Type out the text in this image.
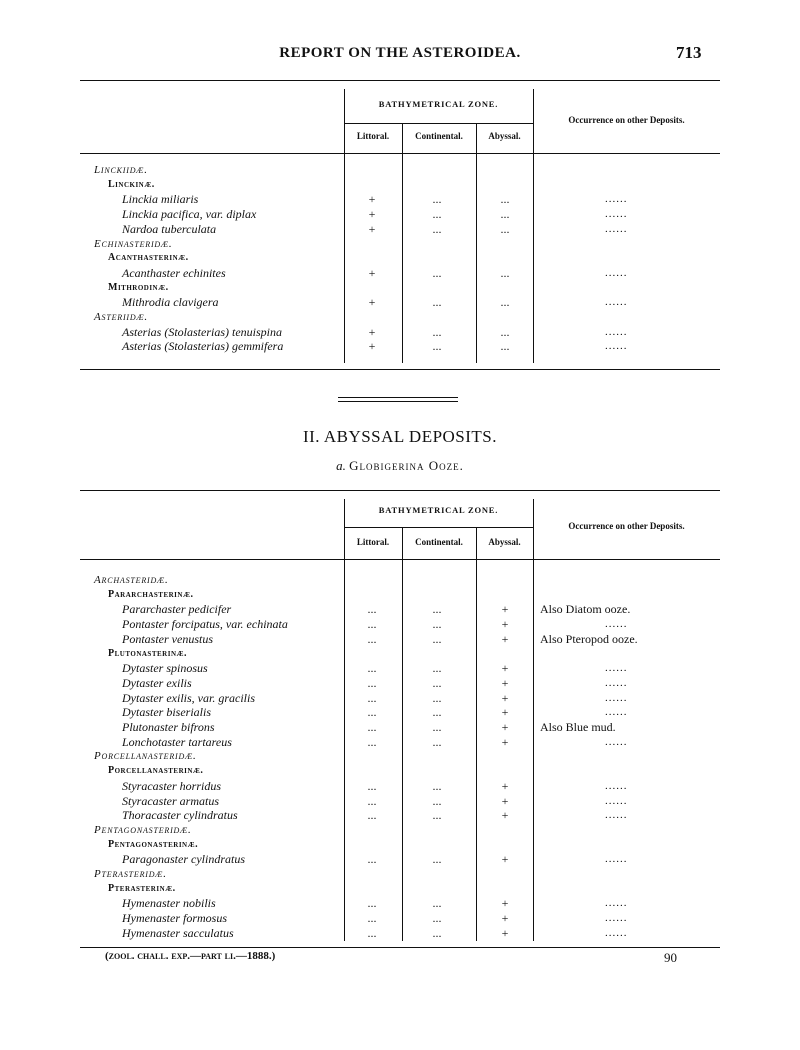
REPORT ON THE ASTEROIDEA.	713
BATHYMETRICAL ZONE.
Littoral.	Continental.	Abyssal.
Occurrence on other Deposits.
Linckiidæ.
Linckinæ.
Linckia miliaris	+	...	...	......
Linckia pacifica, var. diplax	+	...	...	......
Nardoa tuberculata	+	...	...	......
Echinasteridæ.
Acanthasterinæ.
Acanthaster echinites	+	...	...	......
Mithrodinæ.
Mithrodia clavigera	+	...	...	......
Asteriidæ.
Asterias (Stolasterias) tenuispina	+	...	...	......
Asterias (Stolasterias) gemmifera	+	...	...	......
II. ABYSSAL DEPOSITS.
a. Globigerina Ooze.
BATHYMETRICAL ZONE.
Littoral.	Continental.	Abyssal.
Occurrence on other Deposits.
Archasteridæ.
Pararchasterinæ.
Pararchaster pedicifer	...	...	+	Also Diatom ooze.
Pontaster forcipatus, var. echinata	...	...	+	......
Pontaster venustus	...	...	+	Also Pteropod ooze.
Plutonasterinæ.
Dytaster spinosus	...	...	+	......
Dytaster exilis	...	...	+	......
Dytaster exilis, var. gracilis	...	...	+	......
Dytaster biserialis	...	...	+	......
Plutonaster bifrons	...	...	+	Also Blue mud.
Lonchotaster tartareus	...	...	+	......
Porcellanasteridæ.
Porcellanasterinæ.
Styracaster horridus	...	...	+	......
Styracaster armatus	...	...	+	......
Thoracaster cylindratus	...	...	+	......
Pentagonasteridæ.
Pentagonasterinæ.
Paragonaster cylindratus	...	...	+	......
Pterasteridæ.
Pterasterinæ.
Hymenaster nobilis	...	...	+	......
Hymenaster formosus	...	...	+	......
Hymenaster sacculatus	...	...	+	......
(zool. chall. exp.—part li.—1888.)	90
